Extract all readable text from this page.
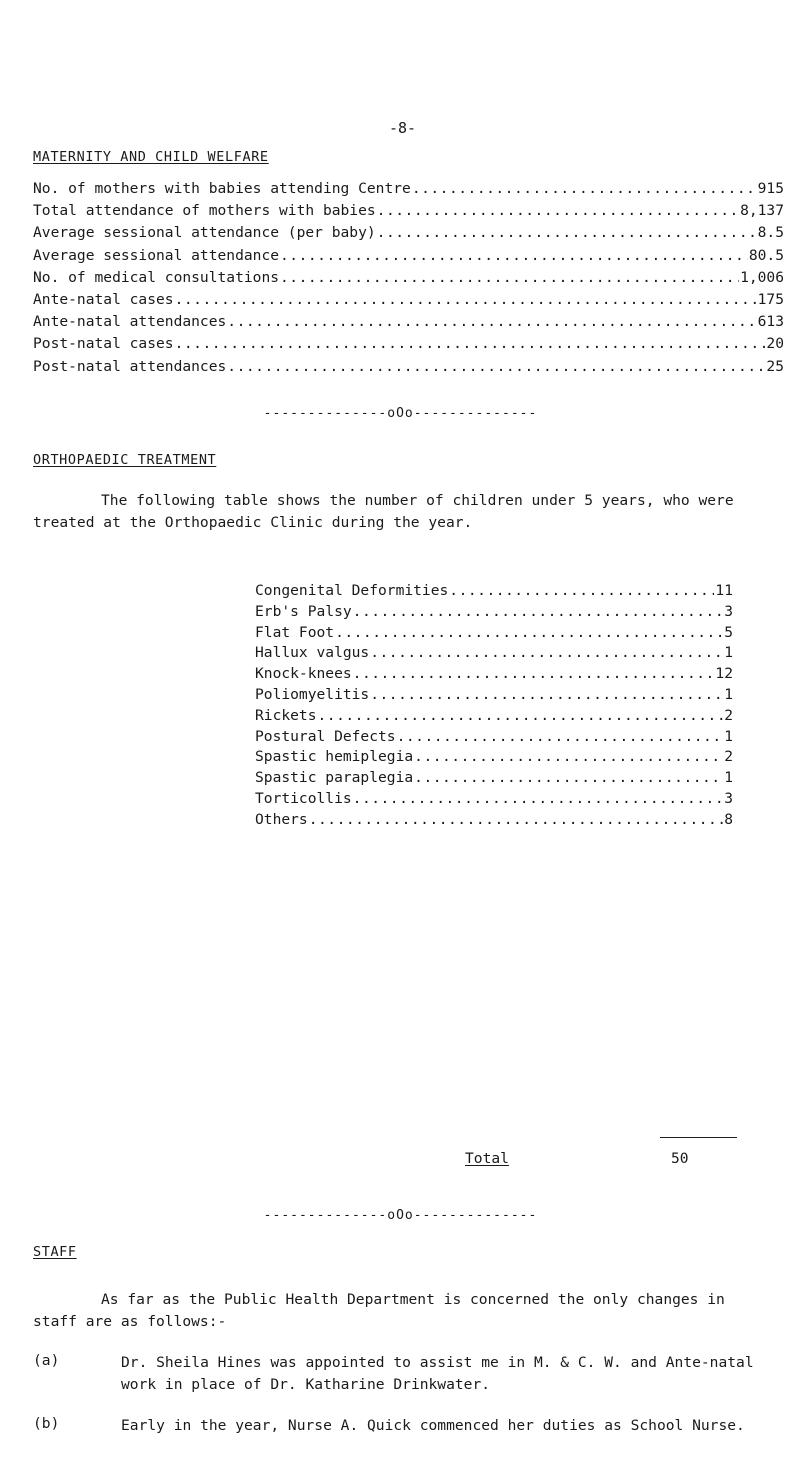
-8-
MATERNITY AND CHILD WELFARE
No. of mothers with babies attending Centre .....	915
Total attendance of mothers with babies .....	8,137
Average sessional attendance (per baby) .....	8.5
Average sessional attendance .....	80.5
No. of medical consultations .....	1,006
Ante-natal cases .....	175
Ante-natal attendances .....	613
Post-natal cases .....	20
Post-natal attendances .....	25
--------------oOo--------------
ORTHOPAEDIC TREATMENT
The following table shows the number of children under 5 years, who were treated at the Orthopaedic Clinic during the year.
Congenital Deformities .....	11
Erb's Palsy .....	3
Flat Foot .....	5
Hallux valgus .....	1
Knock-knees .....	12
Poliomyelitis .....	1
Rickets .....	2
Postural Defects .....	1
Spastic hemiplegia .....	2
Spastic paraplegia .....	1
Torticollis .....	3
Others .....	8
Total	50
--------------oOo--------------
STAFF
As far as the Public Health Department is concerned the only changes in staff are as follows:-
(a)	Dr. Sheila Hines was appointed to assist me in M. & C. W. and Ante-natal work in place of Dr. Katharine Drinkwater.
(b)	Early in the year, Nurse A. Quick commenced her duties as School Nurse.
